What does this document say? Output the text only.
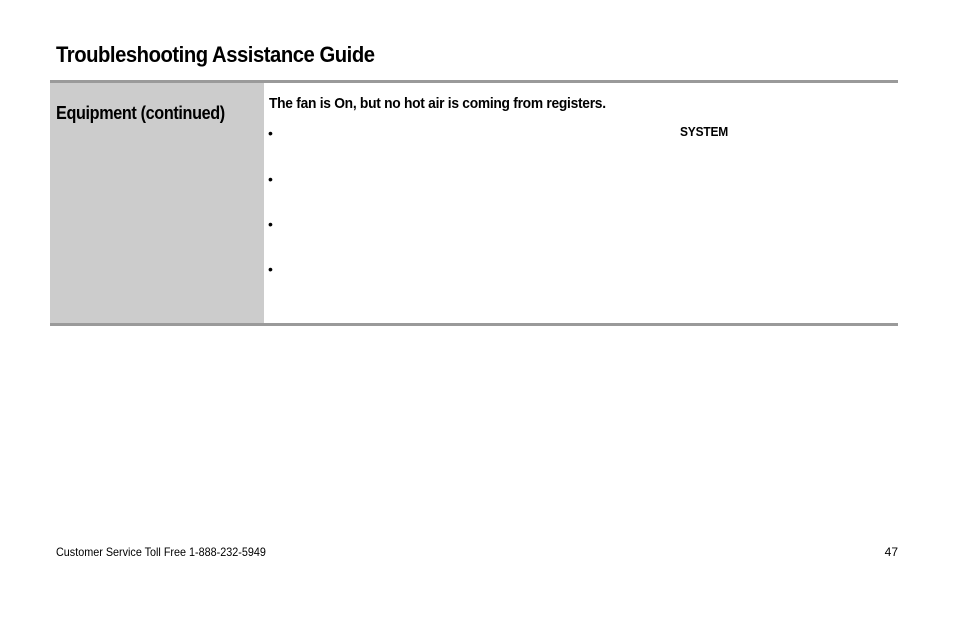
Troubleshooting Assistance Guide
Equipment (continued)	The fan is On, but no hot air is coming from registers.
•	SYSTEM
•
•
•
Customer Service Toll Free 1-888-232-5949	47
